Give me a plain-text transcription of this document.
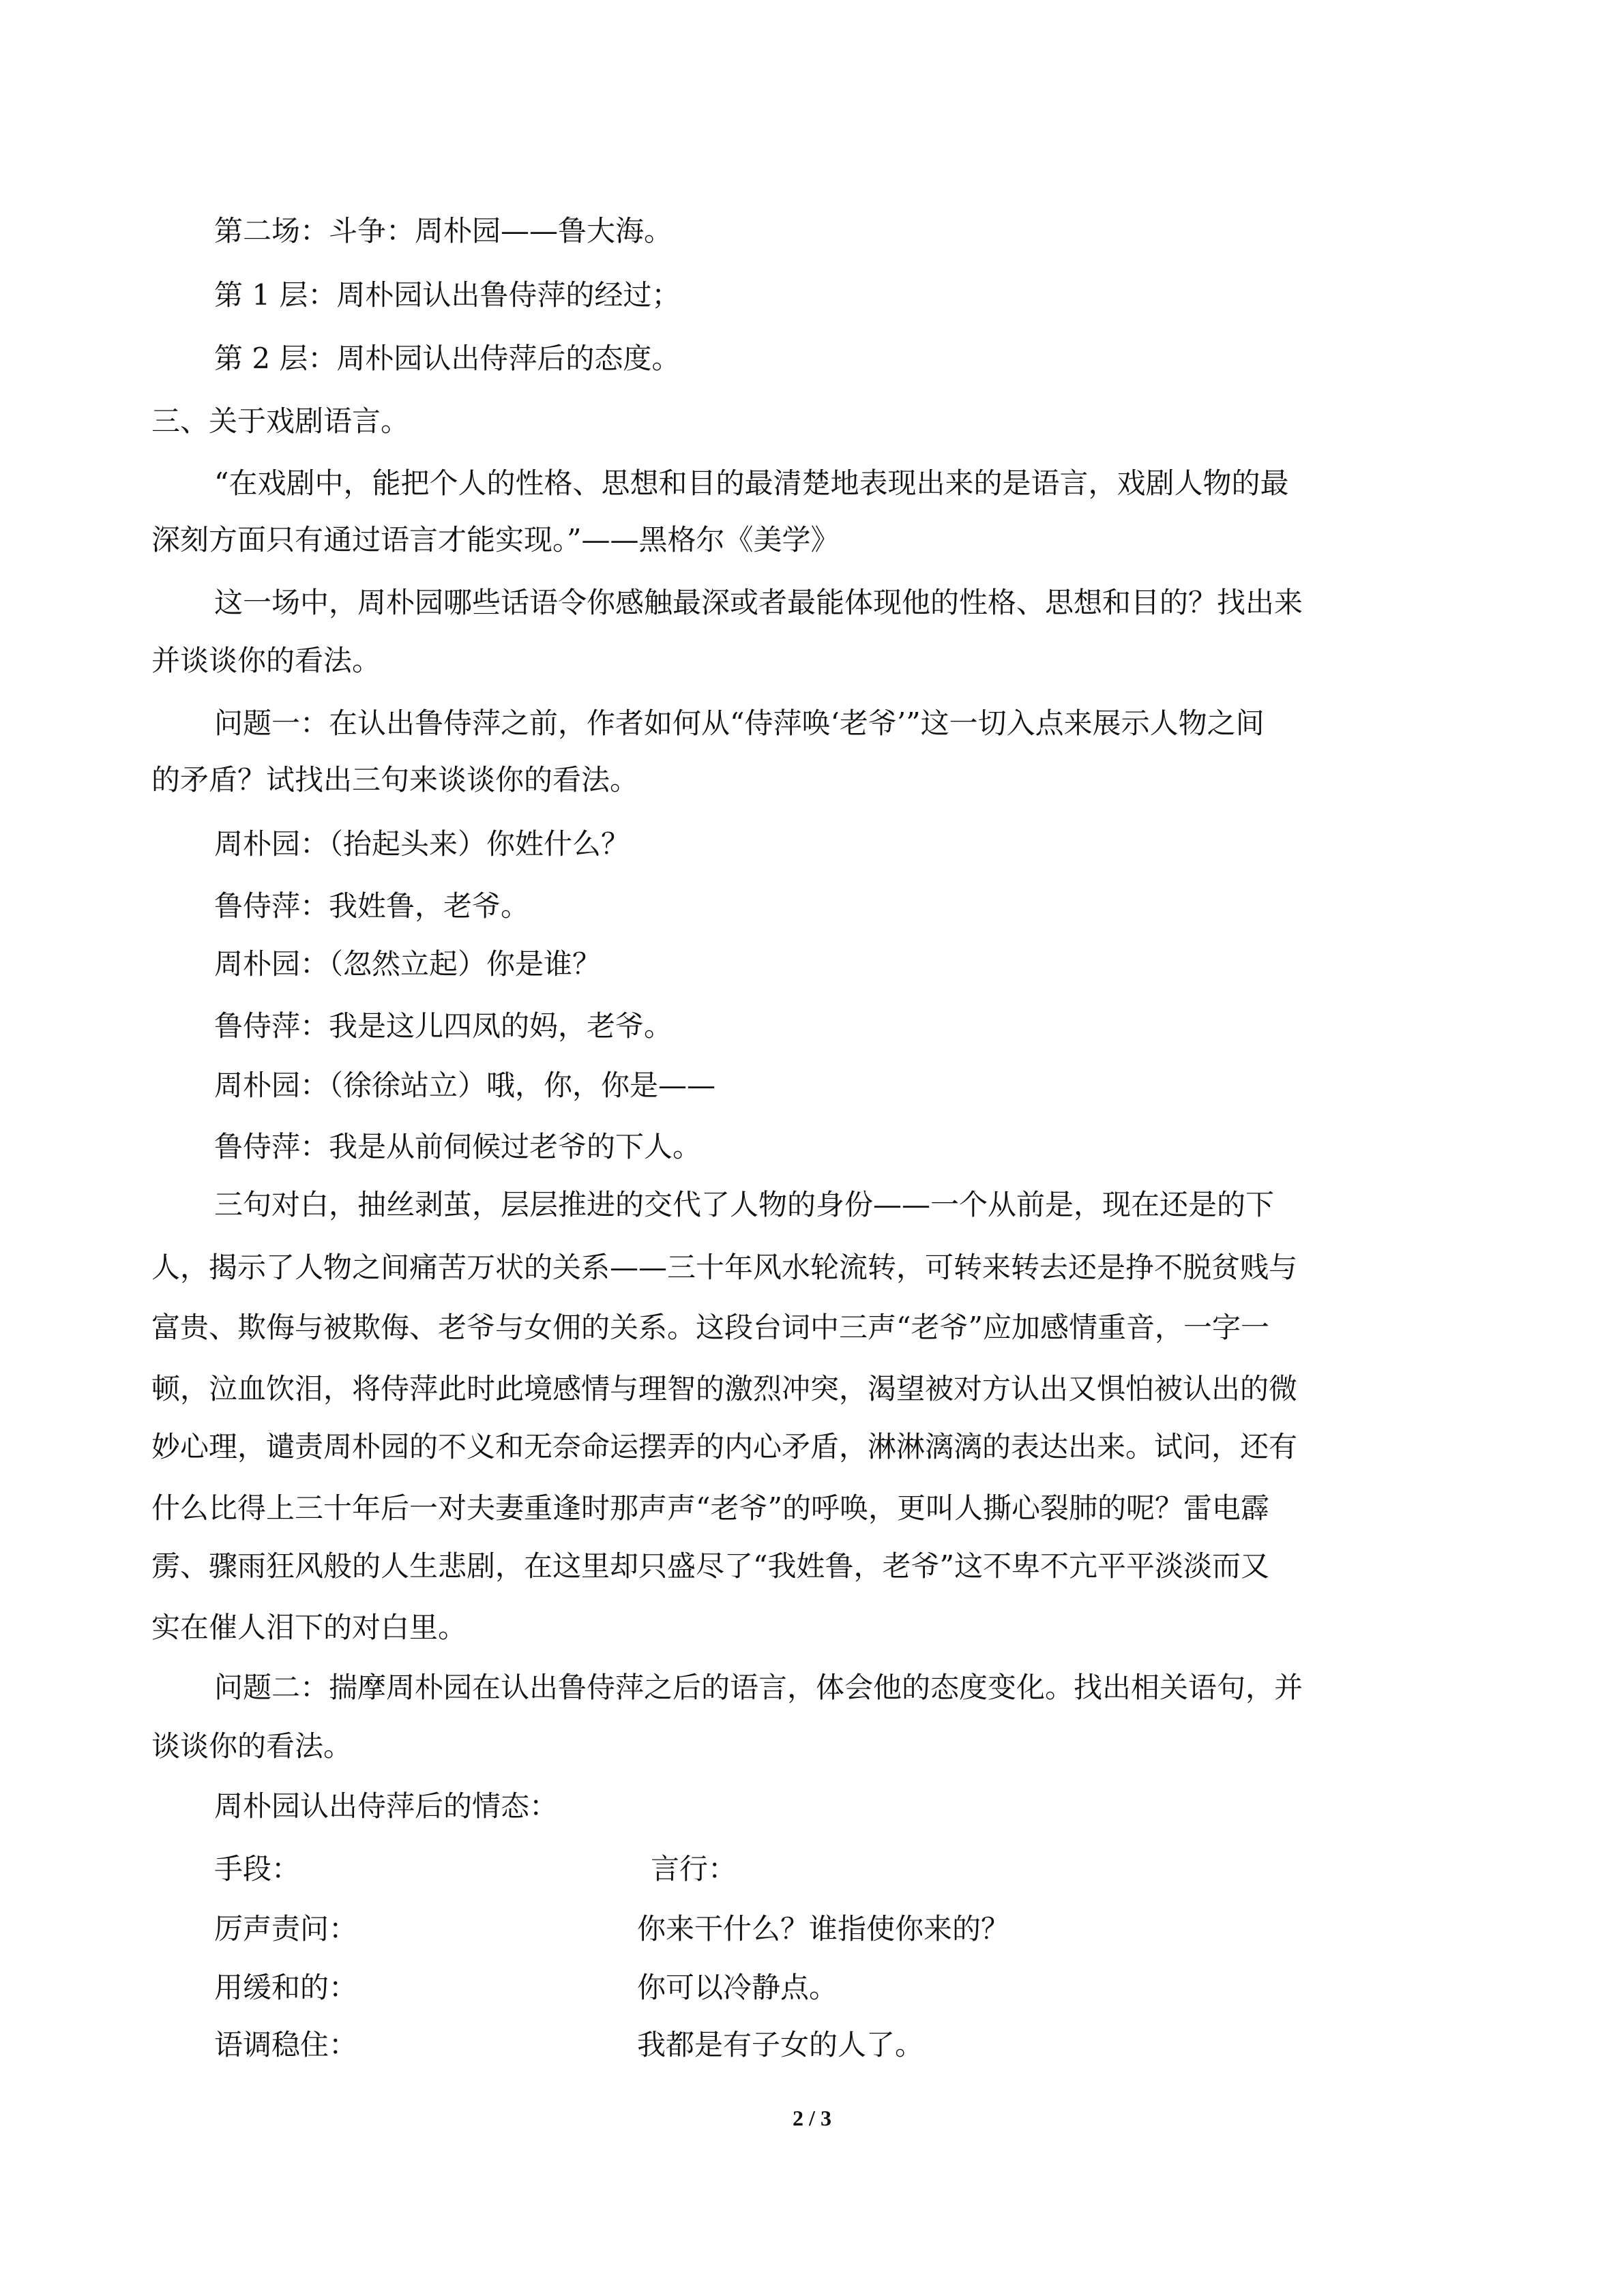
第二场：斗争：周朴园——鲁大海。
第 1 层：周朴园认出鲁侍萍的经过；
第 2 层：周朴园认出侍萍后的态度。
三、关于戏剧语言。
“在戏剧中，能把个人的性格、思想和目的最清楚地表现出来的是语言，戏剧人物的最
深刻方面只有通过语言才能实现。”——黑格尔《美学》
这一场中，周朴园哪些话语令你感触最深或者最能体现他的性格、思想和目的？找出来
并谈谈你的看法。
问题一：在认出鲁侍萍之前，作者如何从“侍萍唤‘老爷’”这一切入点来展示人物之间
的矛盾？试找出三句来谈谈你的看法。
周朴园：（抬起头来）你姓什么？
鲁侍萍：我姓鲁，老爷。
周朴园：（忽然立起）你是谁？
鲁侍萍：我是这儿四凤的妈，老爷。
周朴园：（徐徐站立）哦，你，你是——
鲁侍萍：我是从前伺候过老爷的下人。
三句对白，抽丝剥茧，层层推进的交代了人物的身份——一个从前是，现在还是的下
人，揭示了人物之间痛苦万状的关系——三十年风水轮流转，可转来转去还是挣不脱贫贱与
富贵、欺侮与被欺侮、老爷与女佣的关系。这段台词中三声“老爷”应加感情重音，一字一
顿，泣血饮泪，将侍萍此时此境感情与理智的激烈冲突，渴望被对方认出又惧怕被认出的微
妙心理，谴责周朴园的不义和无奈命运摆弄的内心矛盾，淋淋漓漓的表达出来。试问，还有
什么比得上三十年后一对夫妻重逢时那声声“老爷”的呼唤，更叫人撕心裂肺的呢？雷电霹
雳、骤雨狂风般的人生悲剧，在这里却只盛尽了“我姓鲁，老爷”这不卑不亢平平淡淡而又
实在催人泪下的对白里。
问题二：揣摩周朴园在认出鲁侍萍之后的语言，体会他的态度变化。找出相关语句，并
谈谈你的看法。
周朴园认出侍萍后的情态：
手段：	言行：
厉声责问：	你来干什么？谁指使你来的？
用缓和的：	你可以冷静点。
语调稳住：	我都是有子女的人了。
2 / 3
